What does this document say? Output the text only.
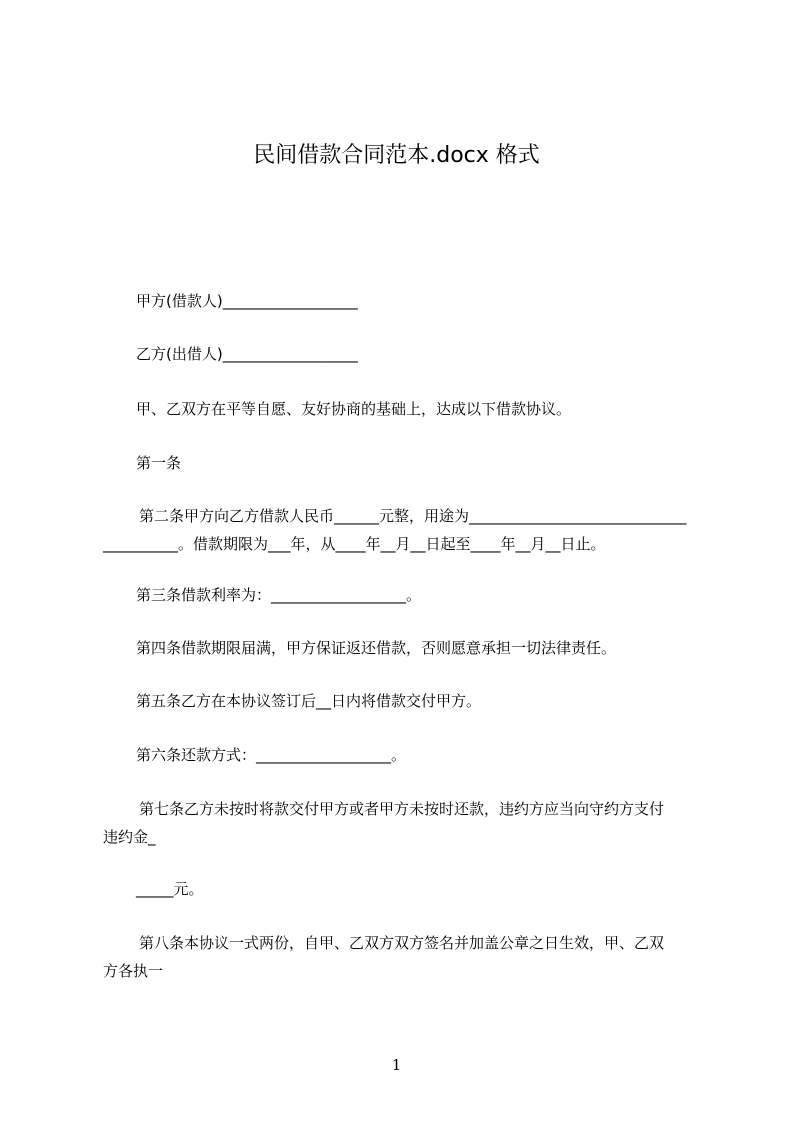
民间借款合同范本.docx 格式
甲方(借款人)__________________
乙方(出借人)__________________
甲、乙双方在平等自愿、友好协商的基础上，达成以下借款协议。
第一条
第二条甲方向乙方借款人民币______元整，用途为_____________________________
__________。借款期限为___年，从____年__月__日起至____年__月__日止。
第三条借款利率为：__________________。
第四条借款期限届满，甲方保证返还借款，否则愿意承担一切法律责任。
第五条乙方在本协议签订后__日内将借款交付甲方。
第六条还款方式：__________________。
第七条乙方未按时将款交付甲方或者甲方未按时还款，违约方应当向守约方支付
违约金_
_____元。
第八条本协议一式两份，自甲、乙双方双方签名并加盖公章之日生效，甲、乙双
方各执一
1
